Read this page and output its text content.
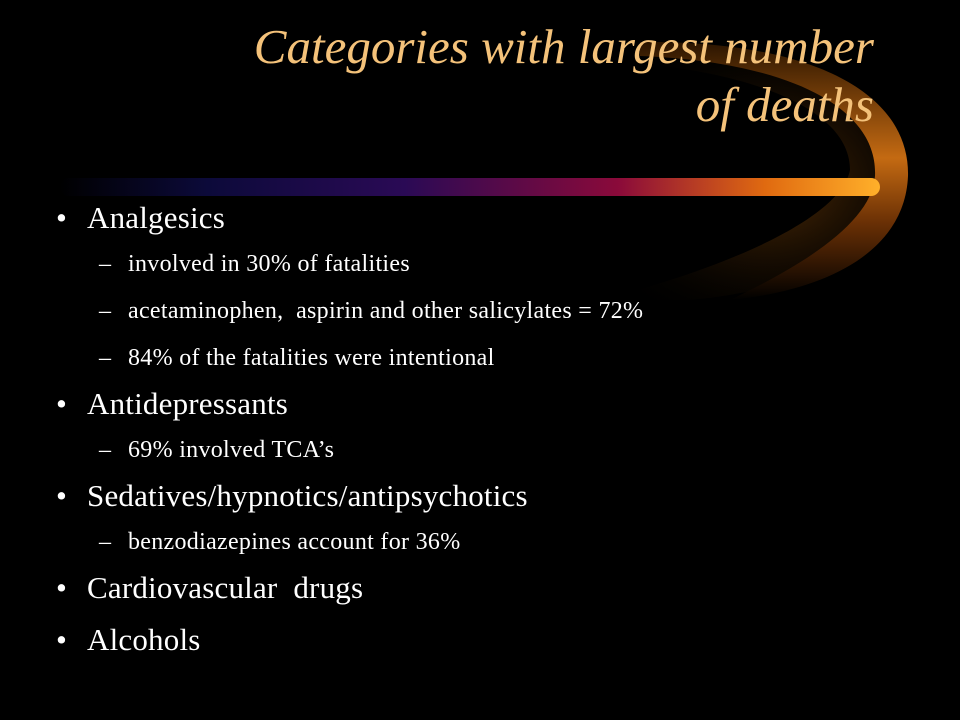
Categories with largest number
of deaths
• Analgesics
– involved in 30% of fatalities
– acetaminophen,  aspirin and other salicylates = 72%
– 84% of the fatalities were intentional
• Antidepressants
– 69% involved TCA’s
• Sedatives/hypnotics/antipsychotics
– benzodiazepines account for 36%
• Cardiovascular  drugs
• Alcohols
